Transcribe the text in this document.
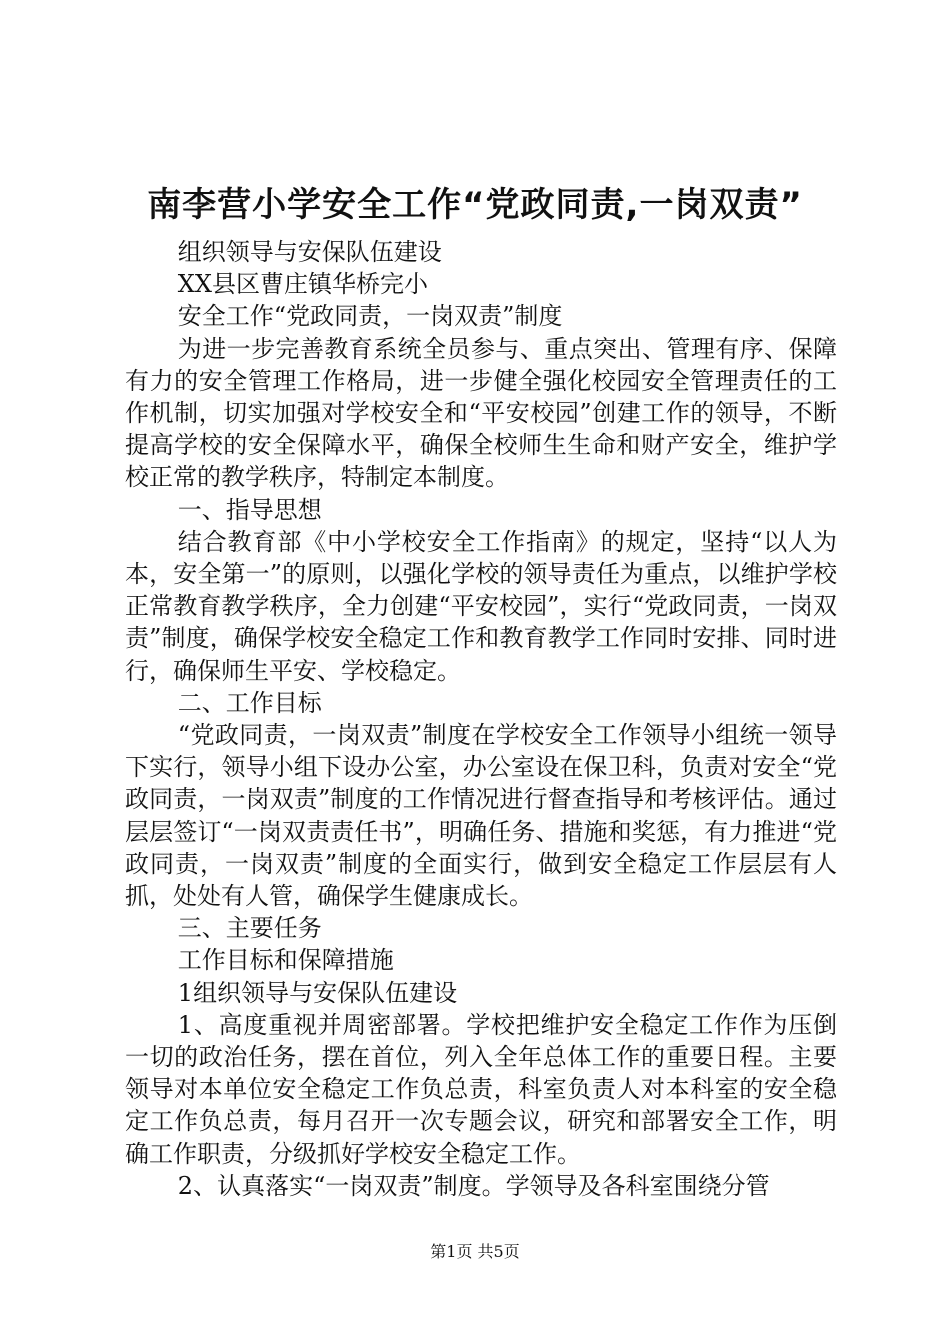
南李营小学安全工作“党政同责,一岗双责”

组织领导与安保队伍建设

XX县区曹庄镇华桥完小

安全工作“党政同责，一岗双责”制度

为进一步完善教育系统全员参与、重点突出、管理有序、保障有力的安全管理工作格局，进一步健全强化校园安全管理责任的工作机制，切实加强对学校安全和“平安校园”创建工作的领导，不断提高学校的安全保障水平，确保全校师生生命和财产安全，维护学校正常的教学秩序，特制定本制度。

一、指导思想

结合教育部《中小学校安全工作指南》的规定，坚持“以人为本，安全第一”的原则，以强化学校的领导责任为重点，以维护学校正常教育教学秩序，全力创建“平安校园”，实行“党政同责，一岗双责”制度，确保学校安全稳定工作和教育教学工作同时安排、同时进行，确保师生平安、学校稳定。

二、工作目标

“党政同责，一岗双责”制度在学校安全工作领导小组统一领导下实行，领导小组下设办公室，办公室设在保卫科，负责对安全“党政同责，一岗双责”制度的工作情况进行督查指导和考核评估。通过层层签订“一岗双责责任书”，明确任务、措施和奖惩，有力推进“党政同责，一岗双责”制度的全面实行，做到安全稳定工作层层有人抓，处处有人管，确保学生健康成长。

三、主要任务

工作目标和保障措施

1组织领导与安保队伍建设

1、高度重视并周密部署。学校把维护安全稳定工作作为压倒一切的政治任务，摆在首位，列入全年总体工作的重要日程。主要领导对本单位安全稳定工作负总责，科室负责人对本科室的安全稳定工作负总责，每月召开一次专题会议，研究和部署安全工作，明确工作职责，分级抓好学校安全稳定工作。

2、认真落实“一岗双责”制度。学领导及各科室围绕分管

第1页 共5页
